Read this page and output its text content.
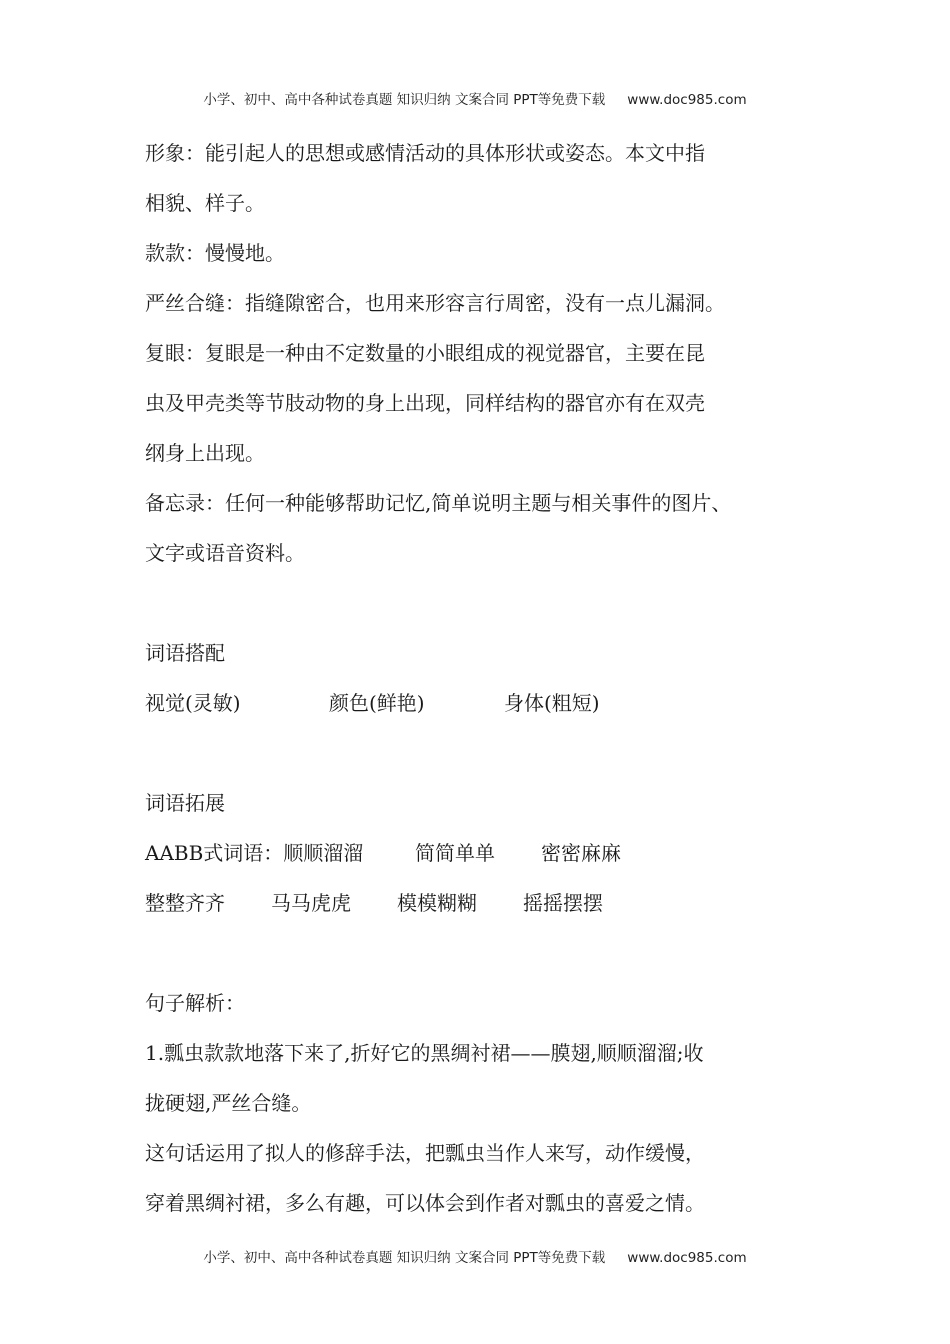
小学、初中、高中各种试卷真题 知识归纳 文案合同 PPT等免费下载 www.doc985.com

形象：能引起人的思想或感情活动的具体形状或姿态。本文中指

相貌、样子。

款款：慢慢地。

严丝合缝：指缝隙密合，也用来形容言行周密，没有一点儿漏洞。

复眼：复眼是一种由不定数量的小眼组成的视觉器官，主要在昆

虫及甲壳类等节肢动物的身上出现，同样结构的器官亦有在双壳

纲身上出现。

备忘录：任何一种能够帮助记忆,简单说明主题与相关事件的图片、

文字或语音资料。

词语搭配

视觉(灵敏)	颜色(鲜艳)	身体(粗短)

词语拓展

AABB式词语：顺顺溜溜	简简单单 密密麻麻
整整齐齐 马马虎虎 模模糊糊 摇摇摆摆

句子解析：

1.瓢虫款款地落下来了,折好它的黑绸衬裙——膜翅,顺顺溜溜;收

拢硬翅,严丝合缝。

这句话运用了拟人的修辞手法，把瓢虫当作人来写，动作缓慢，

穿着黑绸衬裙，多么有趣，可以体会到作者对瓢虫的喜爱之情。

小学、初中、高中各种试卷真题 知识归纳 文案合同 PPT等免费下载 www.doc985.com
